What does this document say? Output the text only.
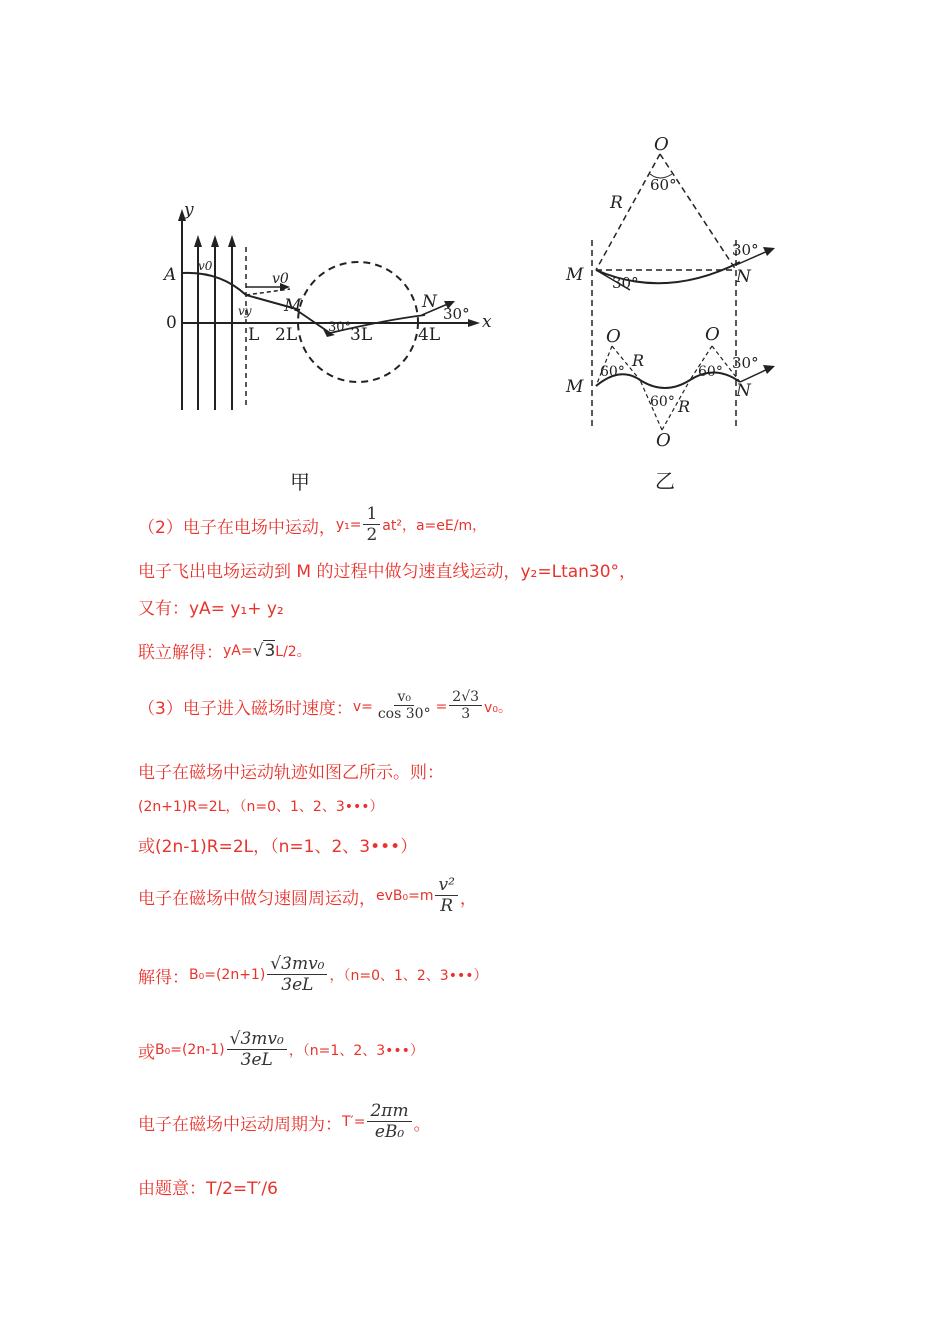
y
x
0
A	v0
vy
v0
M	N
L 2L	3L	4L
30°
30°
甲
O
60°
R
M	N
30°
30°
O	O
O
60°	60°
60°
R
R
M	N
30°
乙
（2）电子在电场中运动， $y_1= \frac{1}{2} at^2$，a=eE/m，
电子飞出电场运动到 M 的过程中做匀速直线运动，y₂=Ltan30°，
又有：yA= y₁+ y₂
联立解得： yA= √ 3 L/2。
（3）电子进入磁场时速度： $v= \frac{\text{v₀}}{\cos 30^\circ} = \frac{2√3}{3} v_0$。
电子在磁场中运动轨迹如图乙所示。则：
(2n+1)R=2L，（n=0、1、2、3•••）
或(2n-1)R=2L，（n=1、2、3•••）
电子在磁场中做匀速圆周运动， $evB_0=m \frac{\text{v²}}{R}$ ，
解得： $B_0=(2n+1) \frac{\text{√3mv₀}}{3eL}$ ，（n=0、1、2、3•••）
或 $B_0=(2n-1) \frac{\text{√3mv₀}}{3eL}$ ，（n=1、2、3•••）
电子在磁场中运动周期为： $T'= \frac{2\pi m}{\text{eB₀}}$ 。
由题意：T/2=T′/6
